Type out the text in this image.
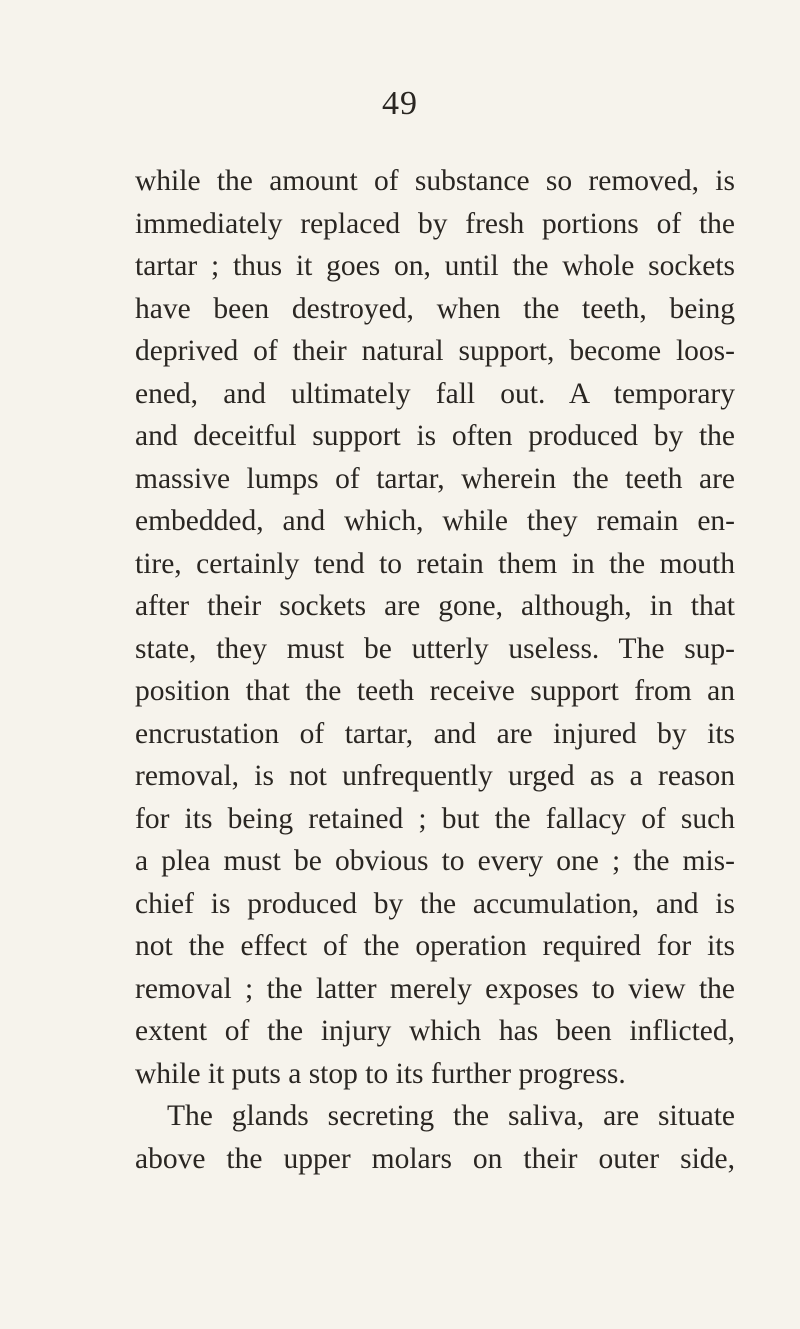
49
while the amount of substance so removed, is
immediately replaced by fresh portions of the
tartar ; thus it goes on, until the whole sockets
have been destroyed, when the teeth, being
deprived of their natural support, become loos-
ened, and ultimately fall out. A temporary
and deceitful support is often produced by the
massive lumps of tartar, wherein the teeth are
embedded, and which, while they remain en-
tire, certainly tend to retain them in the mouth
after their sockets are gone, although, in that
state, they must be utterly useless. The sup-
position that the teeth receive support from an
encrustation of tartar, and are injured by its
removal, is not unfrequently urged as a reason
for its being retained ; but the fallacy of such
a plea must be obvious to every one ; the mis-
chief is produced by the accumulation, and is
not the effect of the operation required for its
removal ; the latter merely exposes to view the
extent of the injury which has been inflicted,
while it puts a stop to its further progress.
The glands secreting the saliva, are situate
above the upper molars on their outer side,
